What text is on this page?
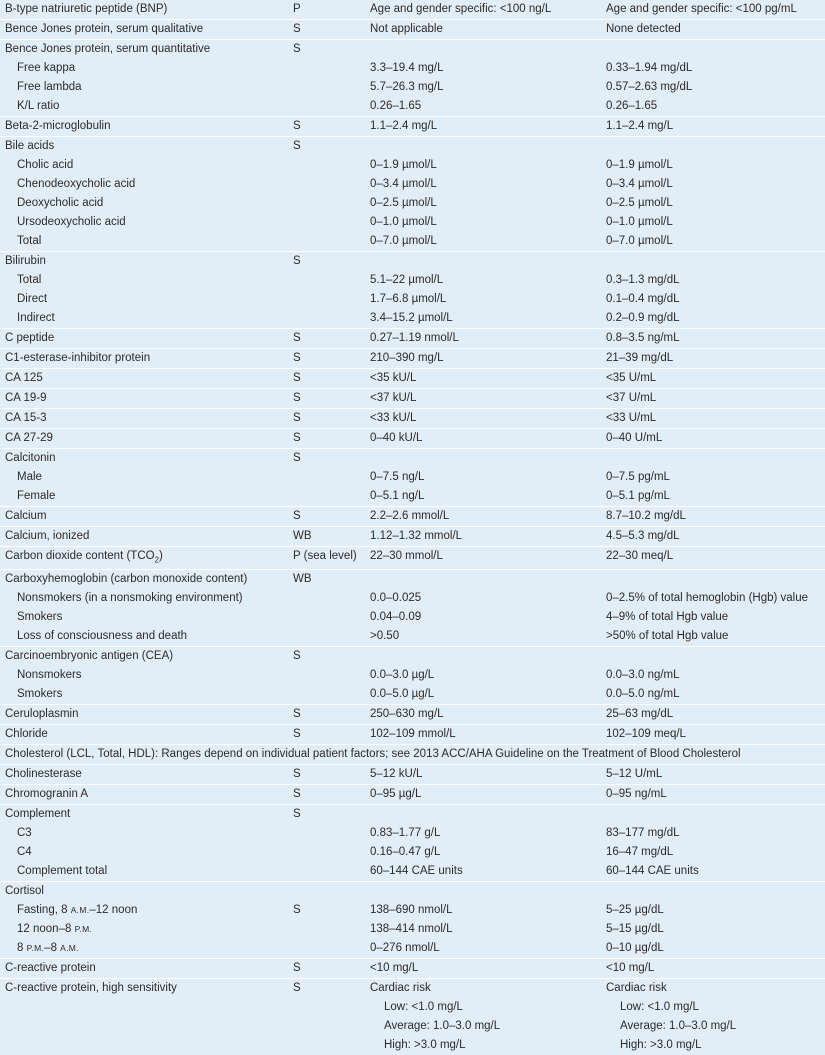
B-type natriuretic peptide (BNP)	P	Age and gender specific: <100 ng/L	Age and gender specific: <100 pg/mL
Bence Jones protein, serum qualitative	S	Not applicable	None detected
Bence Jones protein, serum quantitative	S		
Free kappa		3.3–19.4 mg/L	0.33–1.94 mg/dL
Free lambda		5.7–26.3 mg/L	0.57–2.63 mg/dL
K/L ratio		0.26–1.65	0.26–1.65
Beta-2-microglobulin	S	1.1–2.4 mg/L	1.1–2.4 mg/L
Bile acids	S		
Cholic acid		0–1.9 µmol/L	0–1.9 µmol/L
Chenodeoxycholic acid		0–3.4 µmol/L	0–3.4 µmol/L
Deoxycholic acid		0–2.5 µmol/L	0–2.5 µmol/L
Ursodeoxycholic acid		0–1.0 µmol/L	0–1.0 µmol/L
Total		0–7.0 µmol/L	0–7.0 µmol/L
Bilirubin	S		
Total		5.1–22 µmol/L	0.3–1.3 mg/dL
Direct		1.7–6.8 µmol/L	0.1–0.4 mg/dL
Indirect		3.4–15.2 µmol/L	0.2–0.9 mg/dL
C peptide	S	0.27–1.19 nmol/L	0.8–3.5 ng/mL
C1-esterase-inhibitor protein	S	210–390 mg/L	21–39 mg/dL
CA 125	S	<35 kU/L	<35 U/mL
CA 19-9	S	<37 kU/L	<37 U/mL
CA 15-3	S	<33 kU/L	<33 U/mL
CA 27-29	S	0–40 kU/L	0–40 U/mL
Calcitonin	S		
Male		0–7.5 ng/L	0–7.5 pg/mL
Female		0–5.1 ng/L	0–5.1 pg/mL
Calcium	S	2.2–2.6 mmol/L	8.7–10.2 mg/dL
Calcium, ionized	WB	1.12–1.32 mmol/L	4.5–5.3 mg/dL
Carbon dioxide content $(TCO_2)$	P (sea level)	22–30 mmol/L	22–30 meq/L
Carboxyhemoglobin (carbon monoxide content)	WB		
Nonsmokers (in a nonsmoking environment)		0.0–0.025	0–2.5% of total hemoglobin (Hgb) value
Smokers		0.04–0.09	4–9% of total Hgb value
Loss of consciousness and death		>0.50	>50% of total Hgb value
Carcinoembryonic antigen (CEA)	S		
Nonsmokers		0.0–3.0 µg/L	0.0–3.0 ng/mL
Smokers		0.0–5.0 µg/L	0.0–5.0 ng/mL
Ceruloplasmin	S	250–630 mg/L	25–63 mg/dL
Chloride	S	102–109 mmol/L	102–109 meq/L
Cholesterol (LCL, Total, HDL): Ranges depend on individual patient factors; see 2013 ACC/AHA Guideline on the Treatment of Blood Cholesterol			
Cholinesterase	S	5–12 kU/L	5–12 U/mL
Chromogranin A	S	0–95 µg/L	0–95 ng/mL
Complement	S		
C3		0.83–1.77 g/L	83–177 mg/dL
C4		0.16–0.47 g/L	16–47 mg/dL
Complement total		60–144 CAE units	60–144 CAE units
Cortisol			
Fasting, 8 A.M.–12 noon	S	138–690 nmol/L	5–25 µg/dL
12 noon–8 P.M.		138–414 nmol/L	5–15 µg/dL
8 P.M.–8 A.M.		0–276 nmol/L	0–10 µg/dL
C-reactive protein	S	<10 mg/L	<10 mg/L
C-reactive protein, high sensitivity	S	Cardiac risk
Low: <1.0 mg/L
Average: 1.0–3.0 mg/L
High: >3.0 mg/L	Cardiac risk
Low: <1.0 mg/L
Average: 1.0–3.0 mg/L
High: >3.0 mg/L
